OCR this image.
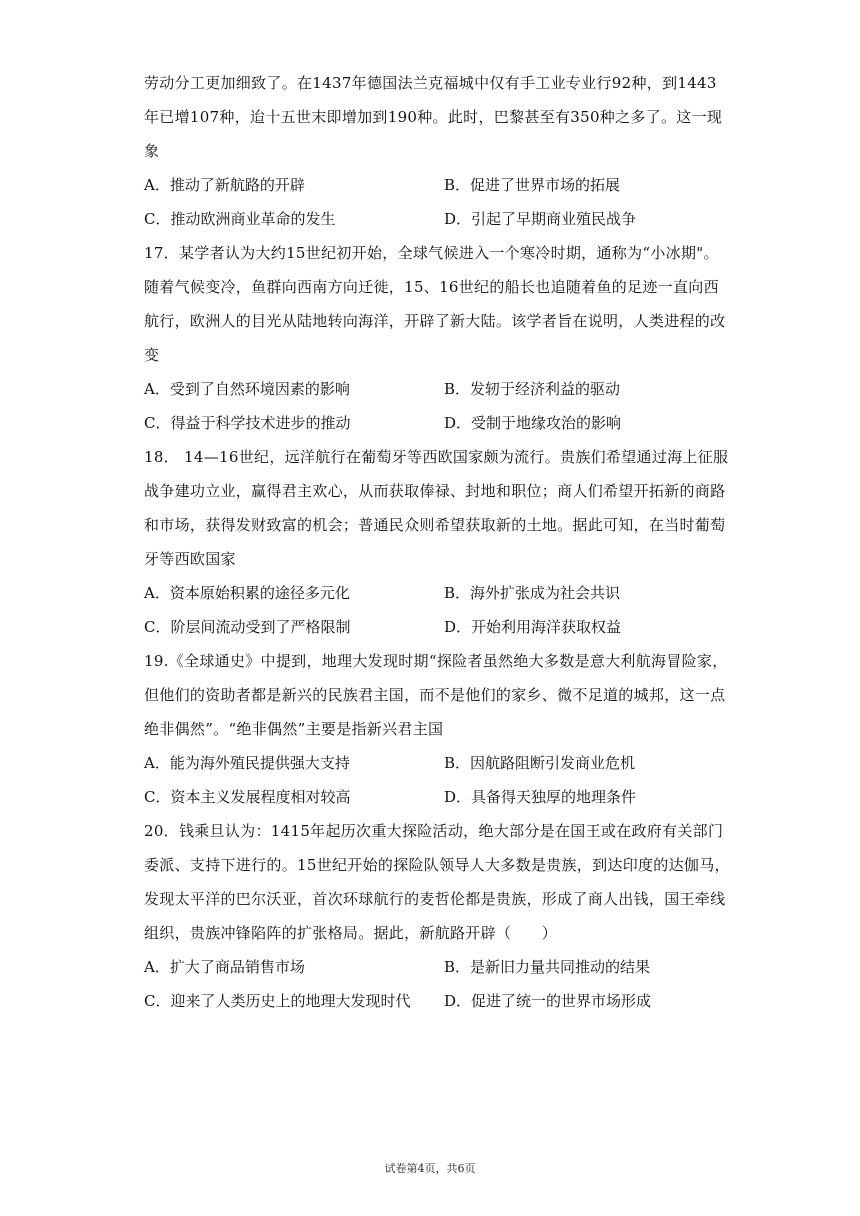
劳动分工更加细致了。在1437年德国法兰克福城中仅有手工业专业行92种，到1443
年已增107种，迨十五世末即增加到190种。此时，巴黎甚至有350种之多了。这一现
象
A．推动了新航路的开辟	B．促进了世界市场的拓展
C．推动欧洲商业革命的发生	D．引起了早期商业殖民战争
17．某学者认为大约15世纪初开始，全球气候进入一个寒冷时期，通称为“小冰期"。
随着气候变冷，鱼群向西南方向迁徙，15、16世纪的船长也追随着鱼的足迹一直向西
航行，欧洲人的目光从陆地转向海洋，开辟了新大陆。该学者旨在说明，人类进程的改
变
A．受到了自然环境因素的影响	B．发轫于经济利益的驱动
C．得益于科学技术进步的推动	D．受制于地缘攻治的影响
18． 14—16世纪，远洋航行在葡萄牙等西欧国家颇为流行。贵族们希望通过海上征服
战争建功立业，赢得君主欢心，从而获取俸禄、封地和职位；商人们希望开拓新的商路
和市场，获得发财致富的机会；普通民众则希望获取新的土地。据此可知，在当时葡萄
牙等西欧国家
A．资本原始积累的途径多元化	B．海外扩张成为社会共识
C．阶层间流动受到了严格限制	D．开始利用海洋获取权益
19.《全球通史》中提到，地理大发现时期“探险者虽然绝大多数是意大利航海冒险家，
但他们的资助者都是新兴的民族君主国，而不是他们的家乡、微不足道的城邦，这一点
绝非偶然”。“绝非偶然”主要是指新兴君主国
A．能为海外殖民提供强大支持	B．因航路阻断引发商业危机
C．资本主义发展程度相对较高	D．具备得天独厚的地理条件
20．钱乘旦认为：1415年起历次重大探险活动，绝大部分是在国王或在政府有关部门
委派、支持下进行的。15世纪开始的探险队领导人大多数是贵族，到达印度的达伽马，
发现太平洋的巴尔沃亚，首次环球航行的麦哲伦都是贵族，形成了商人出钱，国王牵线
组织，贵族冲锋陷阵的扩张格局。据此，新航路开辟（　　）
A．扩大了商品销售市场	B．是新旧力量共同推动的结果
C．迎来了人类历史上的地理大发现时代	D．促进了统一的世界市场形成
试卷第4页，共6页
